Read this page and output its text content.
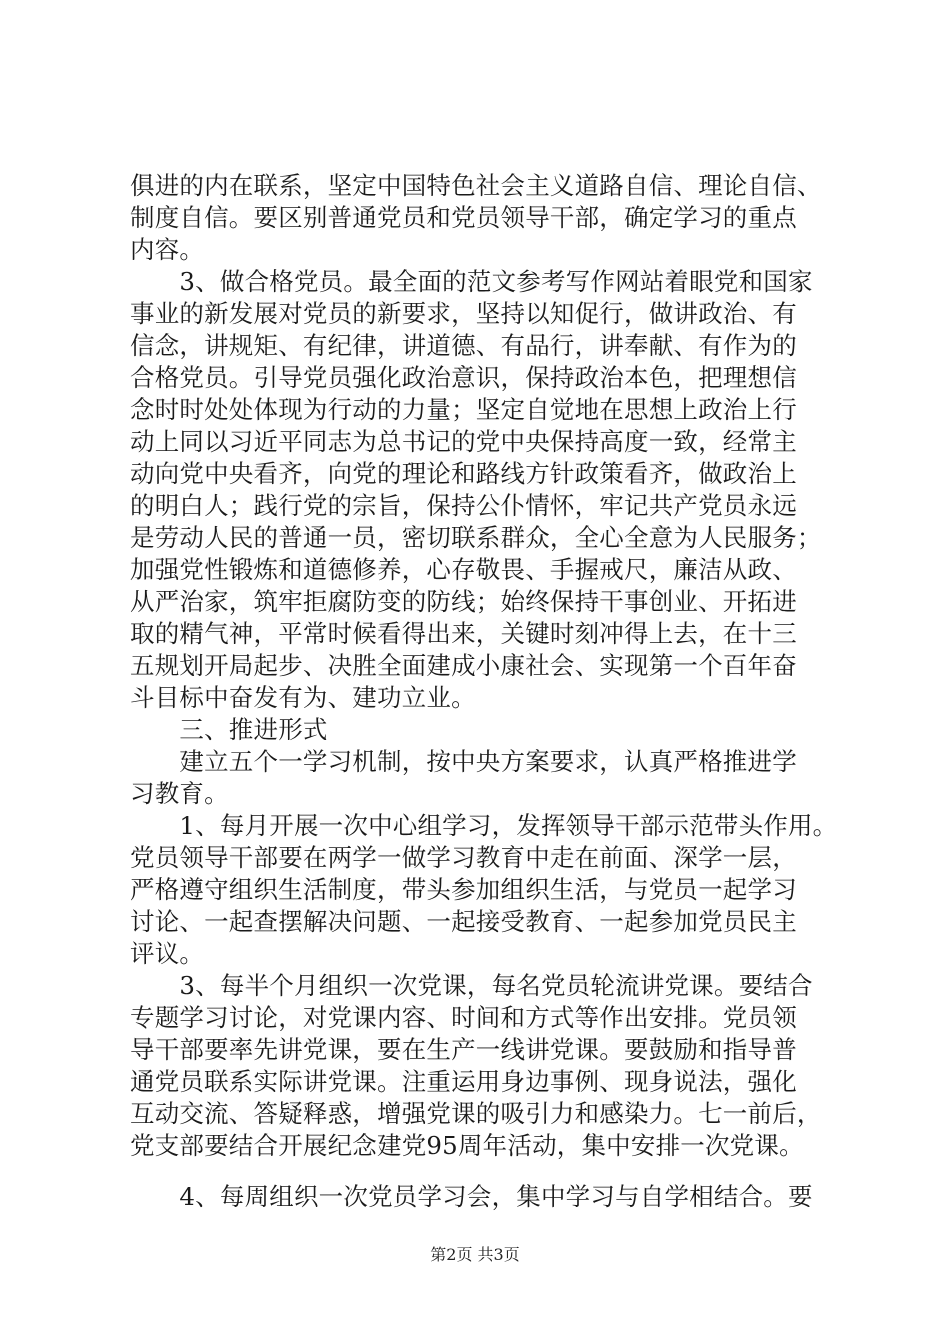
俱进的内在联系，坚定中国特色社会主义道路自信、理论自信、
制度自信。要区别普通党员和党员领导干部，确定学习的重点
内容。
　　3、做合格党员。最全面的范文参考写作网站着眼党和国家
事业的新发展对党员的新要求，坚持以知促行，做讲政治、有
信念，讲规矩、有纪律，讲道德、有品行，讲奉献、有作为的
合格党员。引导党员强化政治意识，保持政治本色，把理想信
念时时处处体现为行动的力量；坚定自觉地在思想上政治上行
动上同以习近平同志为总书记的党中央保持高度一致，经常主
动向党中央看齐，向党的理论和路线方针政策看齐，做政治上
的明白人；践行党的宗旨，保持公仆情怀，牢记共产党员永远
是劳动人民的普通一员，密切联系群众，全心全意为人民服务；
加强党性锻炼和道德修养，心存敬畏、手握戒尺，廉洁从政、
从严治家，筑牢拒腐防变的防线；始终保持干事创业、开拓进
取的精气神，平常时候看得出来，关键时刻冲得上去，在十三
五规划开局起步、决胜全面建成小康社会、实现第一个百年奋
斗目标中奋发有为、建功立业。
　　三、推进形式
　　建立五个一学习机制，按中央方案要求，认真严格推进学
习教育。
　　1、每月开展一次中心组学习，发挥领导干部示范带头作用。
党员领导干部要在两学一做学习教育中走在前面、深学一层，
严格遵守组织生活制度，带头参加组织生活，与党员一起学习
讨论、一起查摆解决问题、一起接受教育、一起参加党员民主
评议。
　　3、每半个月组织一次党课，每名党员轮流讲党课。要结合
专题学习讨论，对党课内容、时间和方式等作出安排。党员领
导干部要率先讲党课，要在生产一线讲党课。要鼓励和指导普
通党员联系实际讲党课。注重运用身边事例、现身说法，强化
互动交流、答疑释惑，增强党课的吸引力和感染力。七一前后，
党支部要结合开展纪念建党95周年活动，集中安排一次党课。
　　4、每周组织一次党员学习会，集中学习与自学相结合。要
第2页 共3页
